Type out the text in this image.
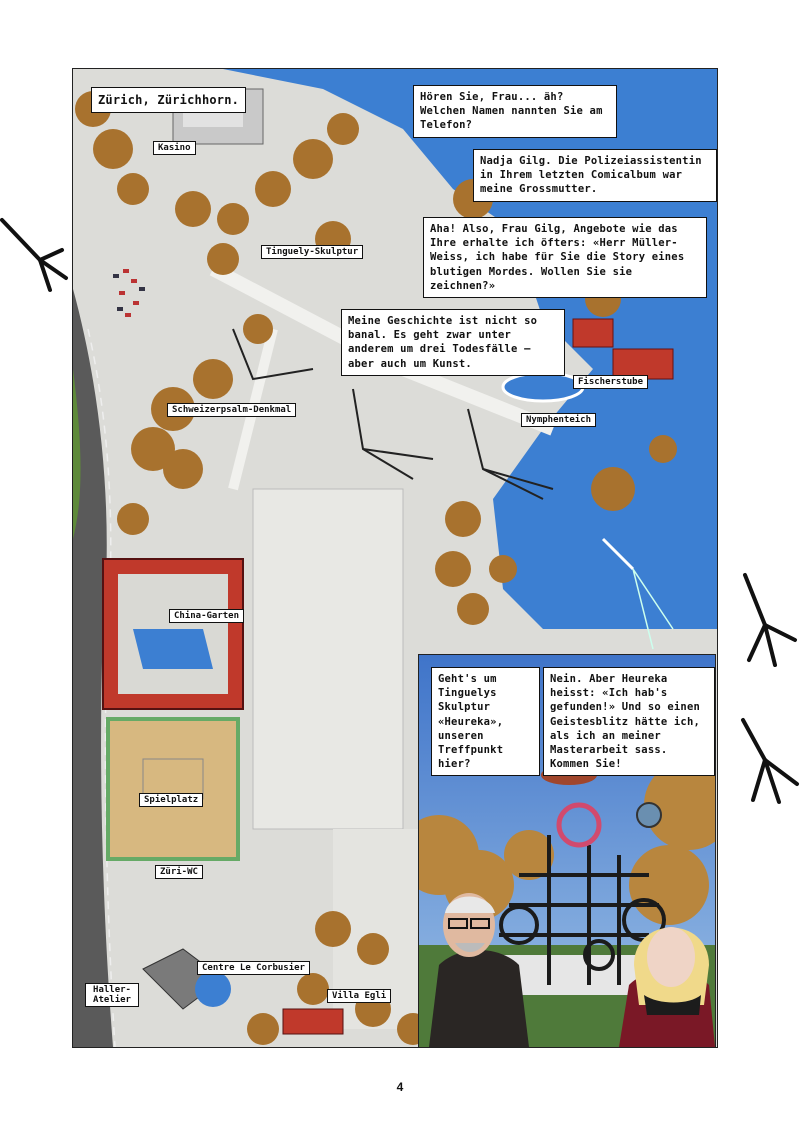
Zürich, Zürichhorn.	Hören Sie, Frau... äh? Welchen Namen nannten Sie am Telefon?
Nadja Gilg. Die Polizeiassistentin in Ihrem letzten Comicalbum war meine Grossmutter.
Aha! Also, Frau Gilg, Angebote wie das Ihre erhalte ich öfters: «Herr Müller-Weiss, ich habe für Sie die Story eines blutigen Mordes. Wollen Sie sie zeichnen?»
Meine Geschichte ist nicht so banal. Es geht zwar unter anderem um drei Todesfälle – aber auch um Kunst.
Kasino
Tinguely-Skulptur
Schweizerpsalm-Denkmal
Fischerstube
Nymphenteich
China-Garten
Spielplatz
Züri-WC
Centre Le Corbusier
Haller-Atelier	Villa Egli
Geht's um Tinguelys Skulptur «Heureka», unseren Treffpunkt hier?
Nein. Aber Heureka heisst: «Ich hab's gefunden!» Und so einen Geistesblitz hätte ich, als ich an meiner Masterarbeit sass. Kommen Sie!
4
